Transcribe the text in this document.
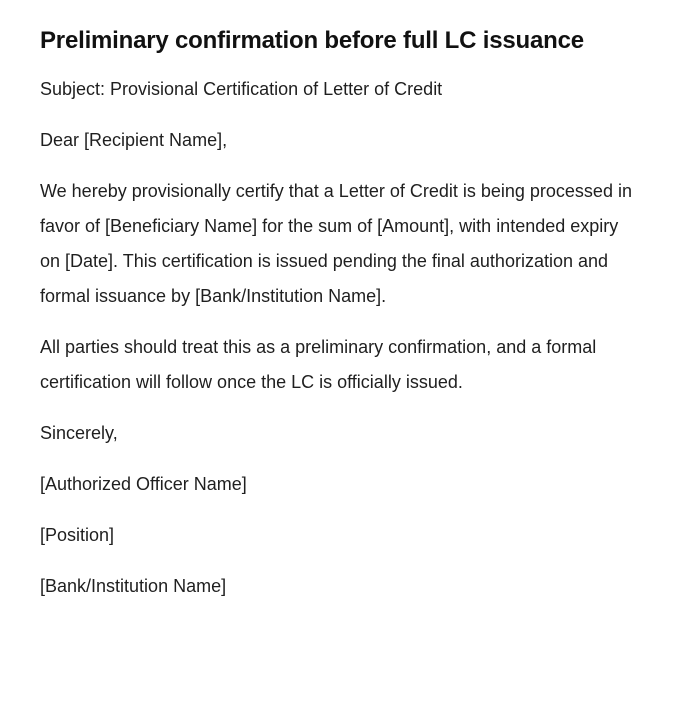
Preliminary confirmation before full LC issuance

Subject: Provisional Certification of Letter of Credit

Dear [Recipient Name],

We hereby provisionally certify that a Letter of Credit is being processed in favor of [Beneficiary Name] for the sum of [Amount], with intended expiry on [Date]. This certification is issued pending the final authorization and formal issuance by [Bank/Institution Name].

All parties should treat this as a preliminary confirmation, and a formal certification will follow once the LC is officially issued.

Sincerely,

[Authorized Officer Name]

[Position]

[Bank/Institution Name]
